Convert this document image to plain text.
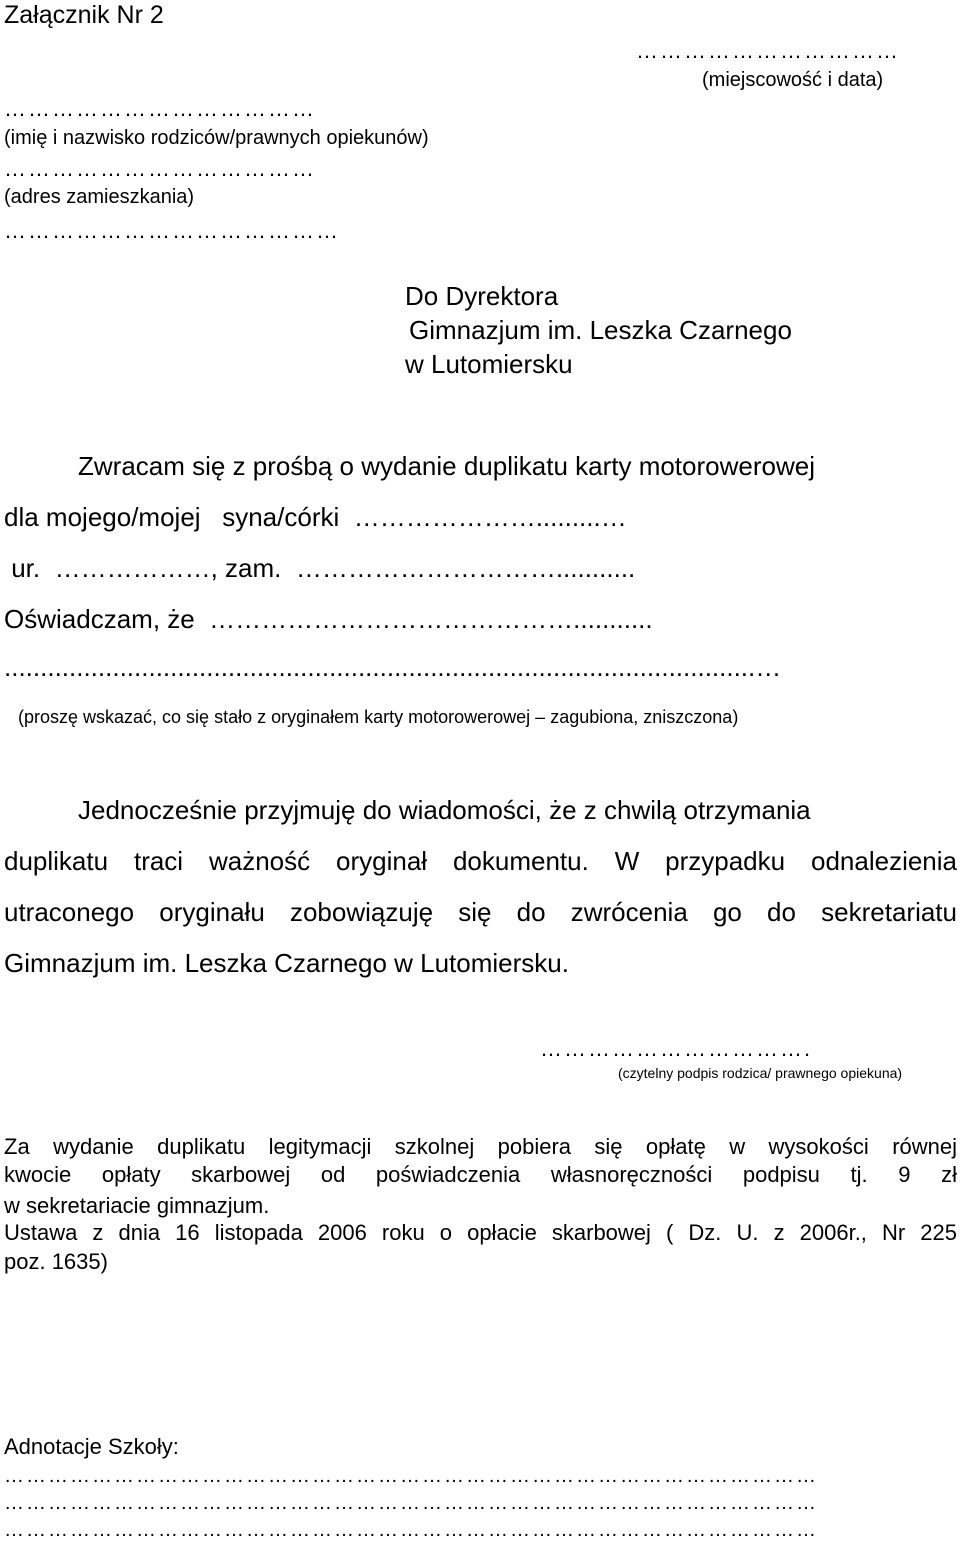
Załącznik Nr 2
……………………………
(miejscowość i data)
…………………………………
(imię i nazwisko rodziców/prawnych opiekunów)
…………………………………
(adres zamieszkania)
……………………………………
Do Dyrektora
Gimnazjum im. Leszka Czarnego
w Lutomiersku
Zwracam się z prośbą o wydanie duplikatu karty motorowerowej
dla mojego/mojej   syna/córki  ………………….........…
ur.  ………………, zam.  …………………………...........
Oświadczam, że  ……………………………………...........
........................................................................................................…
(proszę wskazać, co się stało z oryginałem karty motorowerowej – zagubiona, zniszczona)
Jednocześnie przyjmuję do wiadomości, że z chwilą otrzymania
duplikatu traci ważność oryginał dokumentu. W przypadku odnalezienia
utraconego oryginału zobowiązuję się do zwrócenia go do sekretariatu
Gimnazjum im. Leszka Czarnego w Lutomiersku.
…………………………….
(czytelny podpis rodzica/ prawnego opiekuna)
Za wydanie duplikatu legitymacji szkolnej pobiera się opłatę w wysokości równej
kwocie opłaty skarbowej od poświadczenia własnoręczności podpisu tj. 9 zł
w sekretariacie gimnazjum.
Ustawa z dnia 16 listopada 2006 roku o opłacie skarbowej ( Dz. U. z 2006r., Nr 225
poz. 1635)
Adnotacje Szkoły:
…………………………………………………………………………………………………
…………………………………………………………………………………………………
…………………………………………………………………………………………………
